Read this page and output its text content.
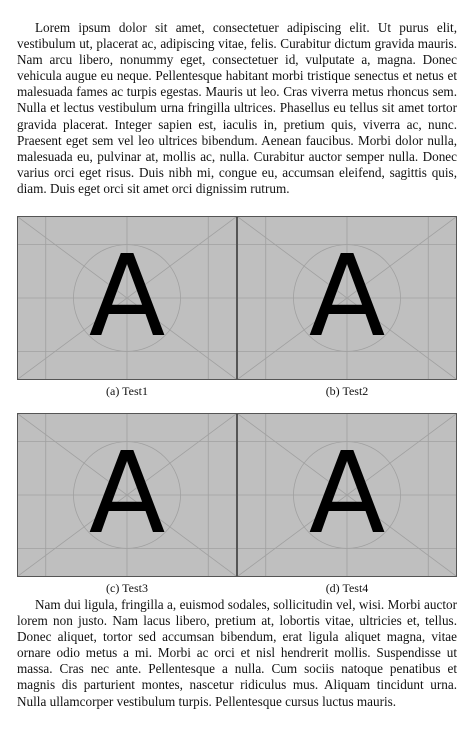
Lorem ipsum dolor sit amet, consectetuer adipiscing elit. Ut purus elit, vestibulum ut, placerat ac, adipiscing vitae, felis. Curabitur dictum gravida mauris. Nam arcu libero, nonummy eget, consectetuer id, vulputate a, magna. Donec vehicula augue eu neque. Pellentesque habitant morbi tristique senectus et netus et malesuada fames ac turpis egestas. Mauris ut leo. Cras viverra metus rhoncus sem. Nulla et lectus vestibulum urna fringilla ultrices. Phasellus eu tellus sit amet tortor gravida placerat. Integer sapien est, iaculis in, pretium quis, viverra ac, nunc. Praesent eget sem vel leo ultrices bibendum. Aenean faucibus. Morbi dolor nulla, malesuada eu, pulvinar at, mollis ac, nulla. Curabitur auctor semper nulla. Donec varius orci eget risus. Duis nibh mi, congue eu, accumsan eleifend, sagittis quis, diam. Duis eget orci sit amet orci dignissim rutrum.

A
(a) Test1
A
(b) Test2
A
(c) Test3
A
(d) Test4

Nam dui ligula, fringilla a, euismod sodales, sollicitudin vel, wisi. Morbi auctor lorem non justo. Nam lacus libero, pretium at, lobortis vitae, ultricies et, tellus. Donec aliquet, tortor sed accumsan bibendum, erat ligula aliquet magna, vitae ornare odio metus a mi. Morbi ac orci et nisl hendrerit mollis. Suspendisse ut massa. Cras nec ante. Pellentesque a nulla. Cum sociis natoque penatibus et magnis dis parturient montes, nascetur ridiculus mus. Aliquam tincidunt urna. Nulla ullamcorper vestibulum turpis. Pellentesque cursus luctus mauris.
